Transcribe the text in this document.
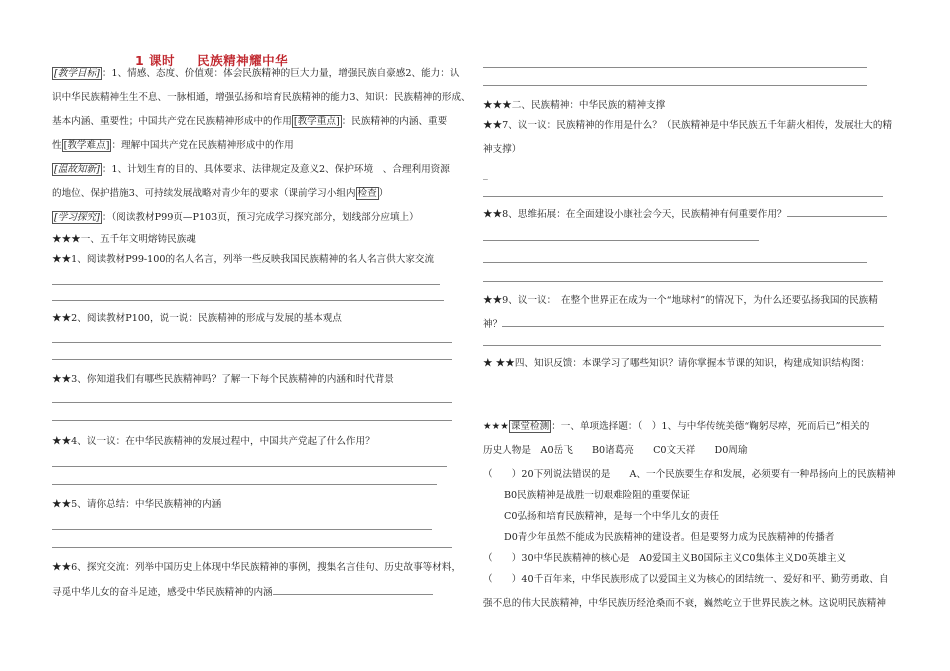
1 课时 民族精神耀中华
[教学目标] ：1、情感、态度、价值观：体会民族精神的巨大力量，增强民族自豪感2、能力：认
识中华民族精神生生不息、一脉相通，增强弘扬和培育民族精神的能力3、知识：民族精神的形成、
基本内涵、重要性；中国共产党在民族精神形成中的作用 [教学重点] ：民族精神的内涵、重要
性 [教学难点] ：理解中国共产党在民族精神形成中的作用
[温故知新] ：1、计划生育的目的、具体要求、法律规定及意义2、保护环境　、合理利用资源
的地位、保护措施3、可持续发展战略对青少年的要求（课前学习小组内 检查 ）
[学习探究] ：（阅读教材P99页—P103页，预习完成学习探究部分，划线部分应填上）
★★★一、五千年文明熔铸民族魂
★★1、阅读教材P99-100的名人名言，列举一些反映我国民族精神的名人名言供大家交流
★★2、阅读教材P100，说一说：民族精神的形成与发展的基本观点
★★3、你知道我们有哪些民族精神吗？了解一下每个民族精神的内涵和时代背景
★★4、议一议：在中华民族精神的发展过程中，中国共产党起了什么作用？
★★5、请你总结：中华民族精神的内涵
★★6、探究交流：列举中国历史上体现中华民族精神的事例，搜集名言佳句、历史故事等材料，
寻觅中华儿女的奋斗足迹，感受中华民族精神的内涵
★★★二、民族精神：中华民族的精神支撑
★★7、议一议：民族精神的作用是什么？（民族精神是中华民族五千年薪火相传，发展壮大的精
神支撑）
_
★★8、思维拓展：在全面建设小康社会今天，民族精神有何重要作用？
★★9、议一议：　在整个世界正在成为一个“地球村”的情况下，为什么还要弘扬我国的民族精
神？
★ ★★四、知识反馈：本课学习了哪些知识？请你掌握本节课的知识，构建成知识结构图：
★★★ 课堂检测 ：一、单项选择题：（　）1、与中华传统美德“鞠躬尽瘁，死而后已”相关的
历史人物是　A0岳飞　　B0诸葛亮　　C0文天祥　　D0周瑜
（　　）20下列说法错误的是　　A、一个民族要生存和发展，必须要有一种昂扬向上的民族精神
B0民族精神是战胜一切艰难险阻的重要保证
C0弘扬和培育民族精神，是每一个中华儿女的责任
D0青少年虽然不能成为民族精神的建设者。但是要努力成为民族精神的传播者
（　　）30中华民族精神的核心是　A0爱国主义B0国际主义C0集体主义D0英雄主义
（　　）40千百年来，中华民族形成了以爱国主义为核心的团结统一、爱好和平、勤劳勇敢、自
强不息的伟大民族精神，中华民族历经沧桑而不衰，巍然屹立于世界民族之林。这说明民族精神
